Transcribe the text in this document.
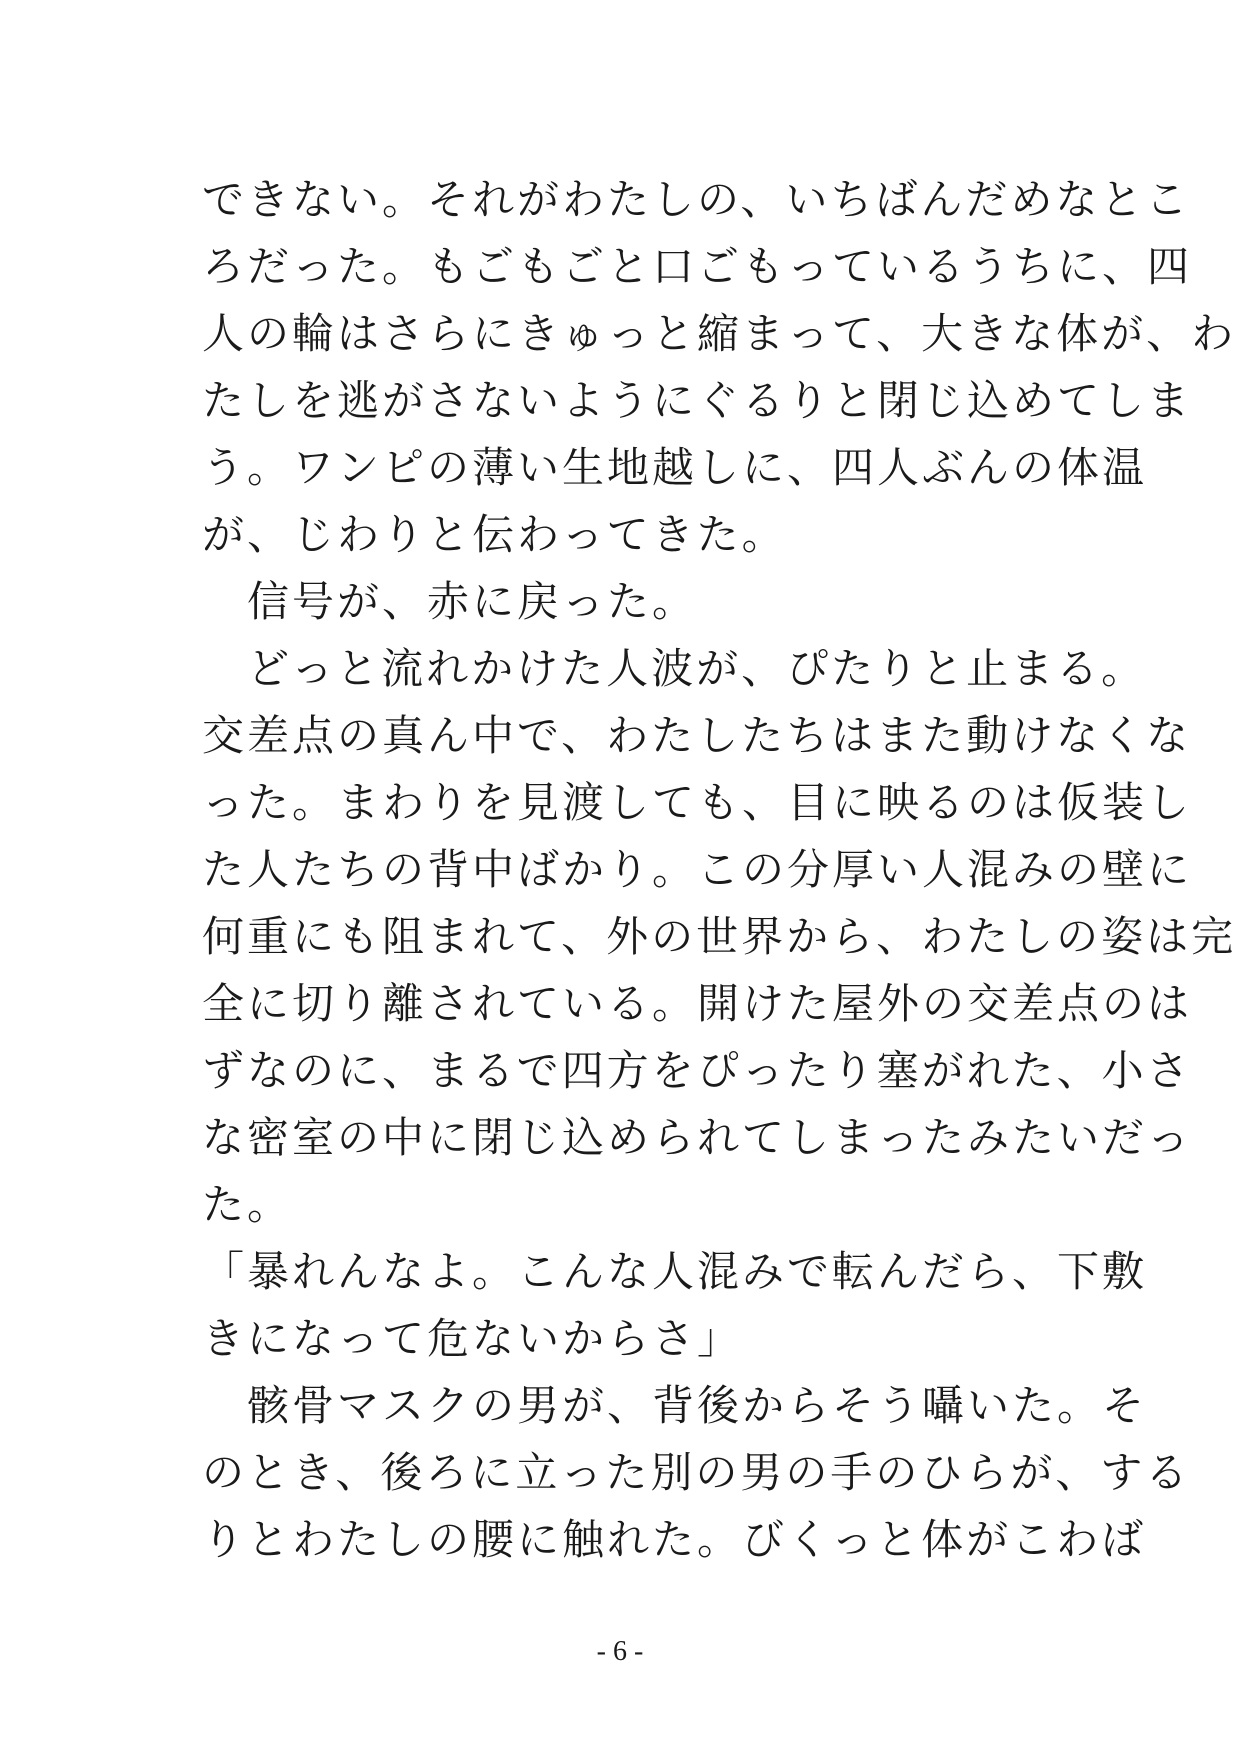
できない。それがわたしの、いちばんだめなとこ
ろだった。もごもごと口ごもっているうちに、四
人の輪はさらにきゅっと縮まって、大きな体が、わ
たしを逃がさないようにぐるりと閉じ込めてしま
う。ワンピの薄い生地越しに、四人ぶんの体温
が、じわりと伝わってきた。
　信号が、赤に戻った。
　どっと流れかけた人波が、ぴたりと止まる。
交差点の真ん中で、わたしたちはまた動けなくな
った。まわりを見渡しても、目に映るのは仮装し
た人たちの背中ばかり。この分厚い人混みの壁に
何重にも阻まれて、外の世界から、わたしの姿は完
全に切り離されている。開けた屋外の交差点のは
ずなのに、まるで四方をぴったり塞がれた、小さ
な密室の中に閉じ込められてしまったみたいだっ
た。
「暴れんなよ。こんな人混みで転んだら、下敷
きになって危ないからさ」
　骸骨マスクの男が、背後からそう囁いた。そ
のとき、後ろに立った別の男の手のひらが、する
りとわたしの腰に触れた。びくっと体がこわば
- 6 -
